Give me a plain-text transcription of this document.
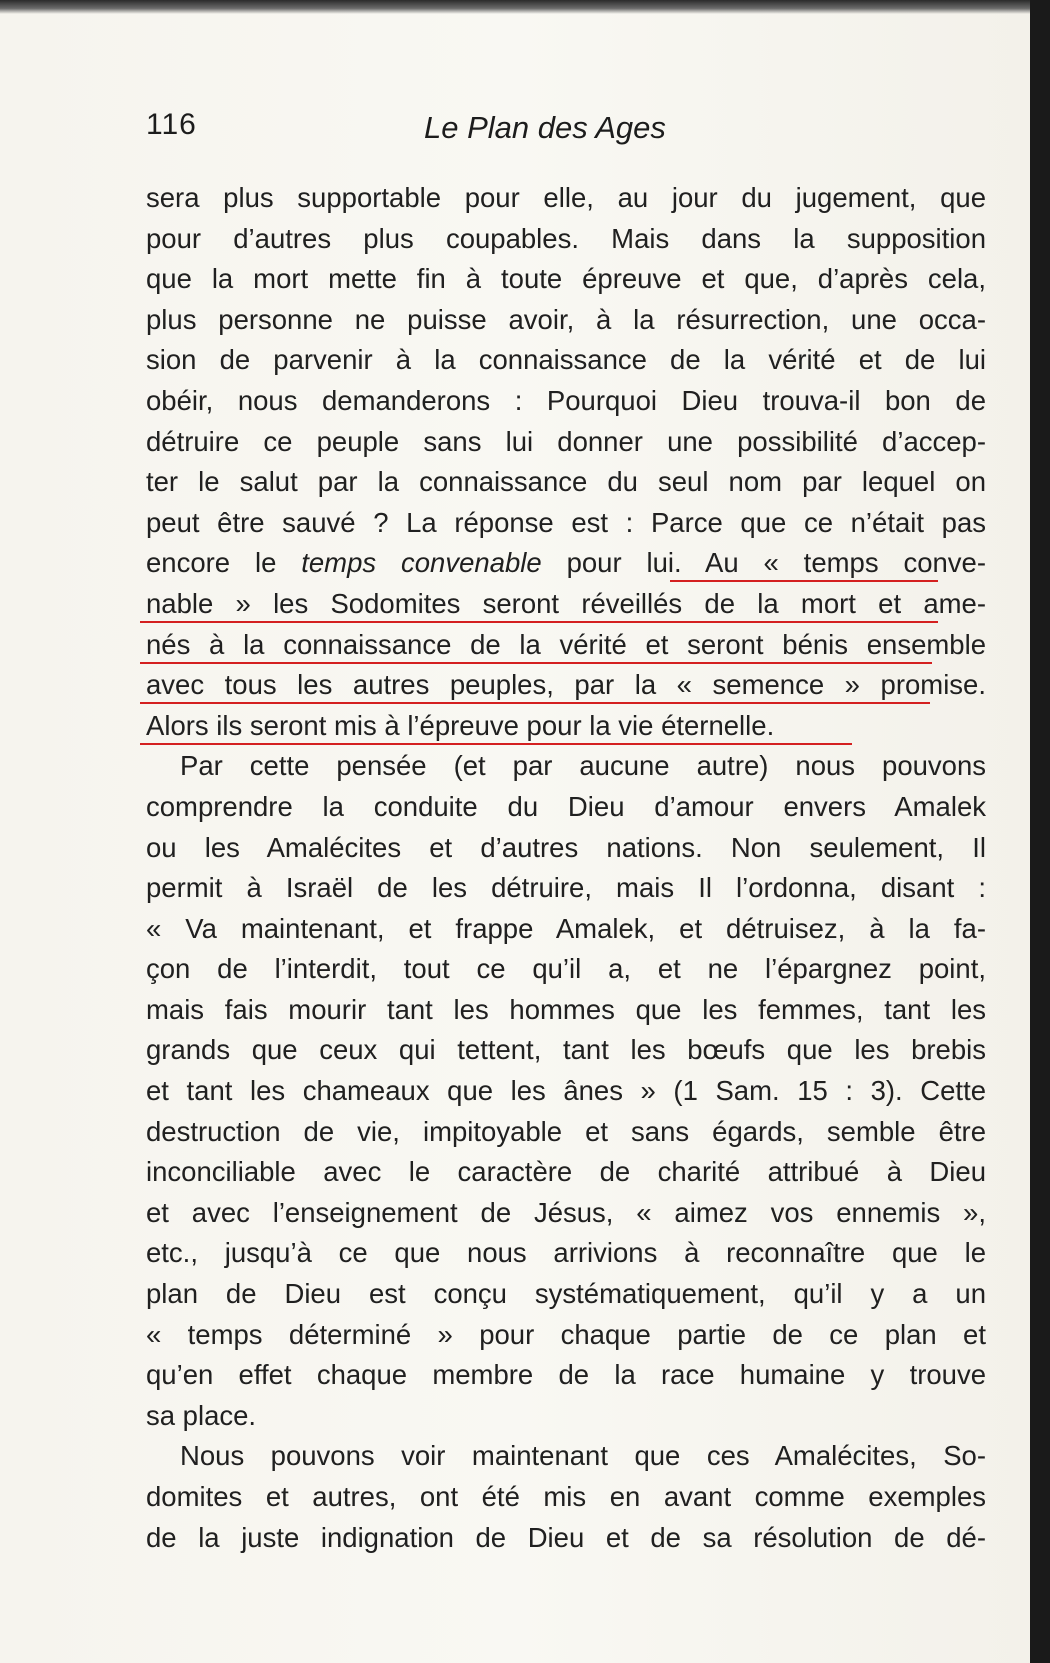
116	Le Plan des Ages
sera plus supportable pour elle, au jour du jugement, que
pour d’autres plus coupables. Mais dans la supposition
que la mort mette fin à toute épreuve et que, d’après cela,
plus personne ne puisse avoir, à la résurrection, une occa-
sion de parvenir à la connaissance de la vérité et de lui
obéir, nous demanderons : Pourquoi Dieu trouva-il bon de
détruire ce peuple sans lui donner une possibilité d’accep-
ter le salut par la connaissance du seul nom par lequel on
peut être sauvé ? La réponse est : Parce que ce n’était pas
encore le temps convenable pour lui. Au « temps conve-
nable » les Sodomites seront réveillés de la mort et ame-
nés à la connaissance de la vérité et seront bénis ensemble
avec tous les autres peuples, par la « semence » promise.
Alors ils seront mis à l’épreuve pour la vie éternelle.
Par cette pensée (et par aucune autre) nous pouvons
comprendre la conduite du Dieu d’amour envers Amalek
ou les Amalécites et d’autres nations. Non seulement, Il
permit à Israël de les détruire, mais Il l’ordonna, disant :
« Va maintenant, et frappe Amalek, et détruisez, à la fa-
çon de l’interdit, tout ce qu’il a, et ne l’épargnez point,
mais fais mourir tant les hommes que les femmes, tant les
grands que ceux qui tettent, tant les bœufs que les brebis
et tant les chameaux que les ânes » (1 Sam. 15 : 3). Cette
destruction de vie, impitoyable et sans égards, semble être
inconciliable avec le caractère de charité attribué à Dieu
et avec l’enseignement de Jésus, « aimez vos ennemis »,
etc., jusqu’à ce que nous arrivions à reconnaître que le
plan de Dieu est conçu systématiquement, qu’il y a un
« temps déterminé » pour chaque partie de ce plan et
qu’en effet chaque membre de la race humaine y trouve
sa place.
Nous pouvons voir maintenant que ces Amalécites, So-
domites et autres, ont été mis en avant comme exemples
de la juste indignation de Dieu et de sa résolution de dé-
